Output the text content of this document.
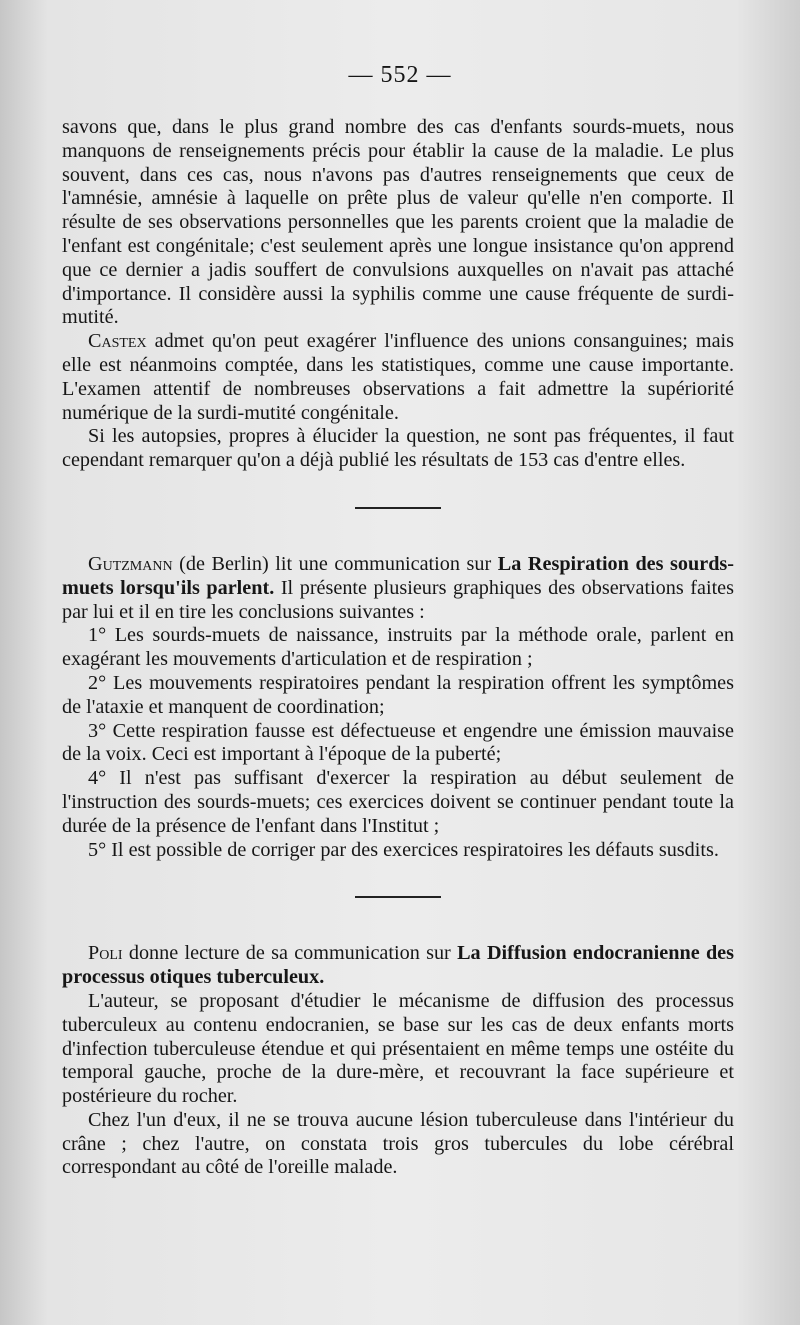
— 552 —

savons que, dans le plus grand nombre des cas d'enfants sourds-muets, nous manquons de renseignements précis pour établir la cause de la maladie. Le plus souvent, dans ces cas, nous n'avons pas d'autres renseignements que ceux de l'amnésie, amnésie à laquelle on prête plus de valeur qu'elle n'en comporte. Il résulte de ses observations personnelles que les parents croient que la maladie de l'enfant est congénitale; c'est seulement après une longue insistance qu'on apprend que ce dernier a jadis souffert de convulsions auxquelles on n'avait pas attaché d'importance. Il considère aussi la syphilis comme une cause fréquente de surdi-mutité.

Castex admet qu'on peut exagérer l'influence des unions consanguines; mais elle est néanmoins comptée, dans les statistiques, comme une cause importante. L'examen attentif de nombreuses observations a fait admettre la supériorité numérique de la surdi-mutité congénitale.

Si les autopsies, propres à élucider la question, ne sont pas fréquentes, il faut cependant remarquer qu'on a déjà publié les résultats de 153 cas d'entre elles.

Gutzmann (de Berlin) lit une communication sur La Respiration des sourds-muets lorsqu'ils parlent. Il présente plusieurs graphiques des observations faites par lui et il en tire les conclusions suivantes :

1° Les sourds-muets de naissance, instruits par la méthode orale, parlent en exagérant les mouvements d'articulation et de respiration ;

2° Les mouvements respiratoires pendant la respiration offrent les symptômes de l'ataxie et manquent de coordination;

3° Cette respiration fausse est défectueuse et engendre une émission mauvaise de la voix. Ceci est important à l'époque de la puberté;

4° Il n'est pas suffisant d'exercer la respiration au début seulement de l'instruction des sourds-muets; ces exercices doivent se continuer pendant toute la durée de la présence de l'enfant dans l'Institut ;

5° Il est possible de corriger par des exercices respiratoires les défauts susdits.

Poli donne lecture de sa communication sur La Diffusion endocranienne des processus otiques tuberculeux.

L'auteur, se proposant d'étudier le mécanisme de diffusion des processus tuberculeux au contenu endocranien, se base sur les cas de deux enfants morts d'infection tuberculeuse étendue et qui présentaient en même temps une ostéite du temporal gauche, proche de la dure-mère, et recouvrant la face supérieure et postérieure du rocher.

Chez l'un d'eux, il ne se trouva aucune lésion tuberculeuse dans l'intérieur du crâne ; chez l'autre, on constata trois gros tubercules du lobe cérébral correspondant au côté de l'oreille malade.
